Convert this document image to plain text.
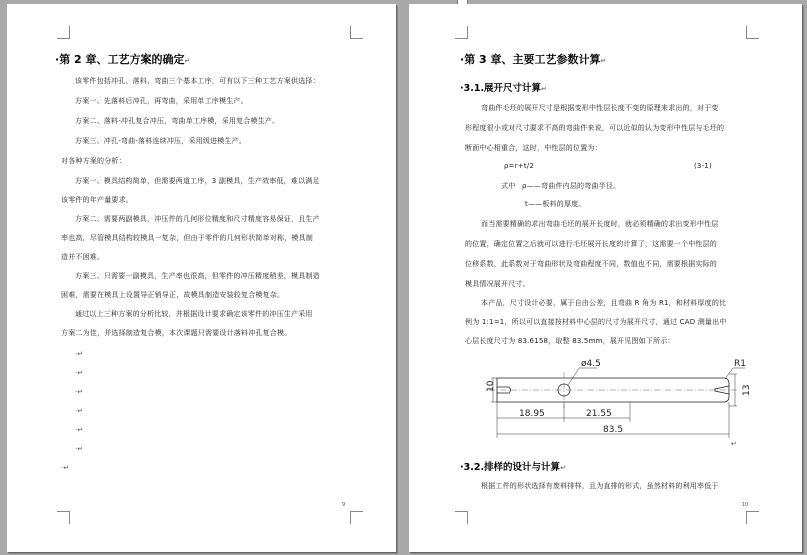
·第 2 章、工艺方案的确定↵
该零件包括冲孔、落料、弯曲三个基本工序，可有以下三种工艺方案供选择：
方案一、先落料后冲孔，再弯曲，采用单工序模生产。
方案二、落料-冲孔复合冲压，弯曲单工序模，采用复合模生产。
方案三、冲孔-弯曲-落料连续冲压，采用级进模生产。
对各种方案的分析：
方案一、模具结构简单，但需要两道工序，3 副模具，生产效率低，难以满足
该零件的年产量要求。
方案二、需要两副模具，冲压件的几何形位精度和尺寸精度容易保证，且生产
率也高，尽管模具结构较模具一复杂，但由于零件的几何形状简单对称，模具制
造并不困难。
方案三、只需要一副模具，生产率也很高，但零件的冲压精度稍差，模具制造
困难，需要在模具上设置导正销导正，故模具制造安装较复合模复杂。
通过以上三种方案的分析比较，并根据设计要求确定该零件的冲压生产采用
方案二为佳，并选择制造复合模，本次课题只需要设计落料冲孔复合模。
·↵
·↵
·↵
·↵
·↵
·↵
·↵
9
·第 3 章、主要工艺参数计算↵
·3.1.展开尺寸计算↵
弯曲件毛坯的展开尺寸是根据变形中性层长度不变的原理来求出的，对于变
形程度很小或对尺寸要求不高的弯曲件来说，可以近似的认为变形中性层与毛坯的
断面中心相重合，这时，中性层的位置为：
ρ=r+t/2	(3-1)
式中 ρ——弯曲件内层的弯曲半径。
t——板料的厚度。
而当需要精确的求出弯曲毛坯的展开长度时，就必须精确的求出变形中性层
的位置，确定位置之后就可以进行毛坯展开长度的计算了，这需要一个中性层的
位移系数，此系数对于弯曲形状及弯曲程度不同，数值也不同，需要根据实际的
模具情况展开尺寸。
本产品，尺寸设计必要，属于自由公差，且弯曲 R 角为 R1，和材料厚度的比
例为 1:1=1，所以可以直接按材料中心层的尺寸为展开尺寸，通过 CAD 测量出中
心层长度尺寸为 83.6158，取整 83.5mm，展开见图如下所示：
ø4.5	R1
18.95	21.55
83.5
10	13
↵
·3.2.排样的设计与计算↵
根据工件的形状选择有废料排样，且为直排的形式，虽然材料的利用率低于
10
